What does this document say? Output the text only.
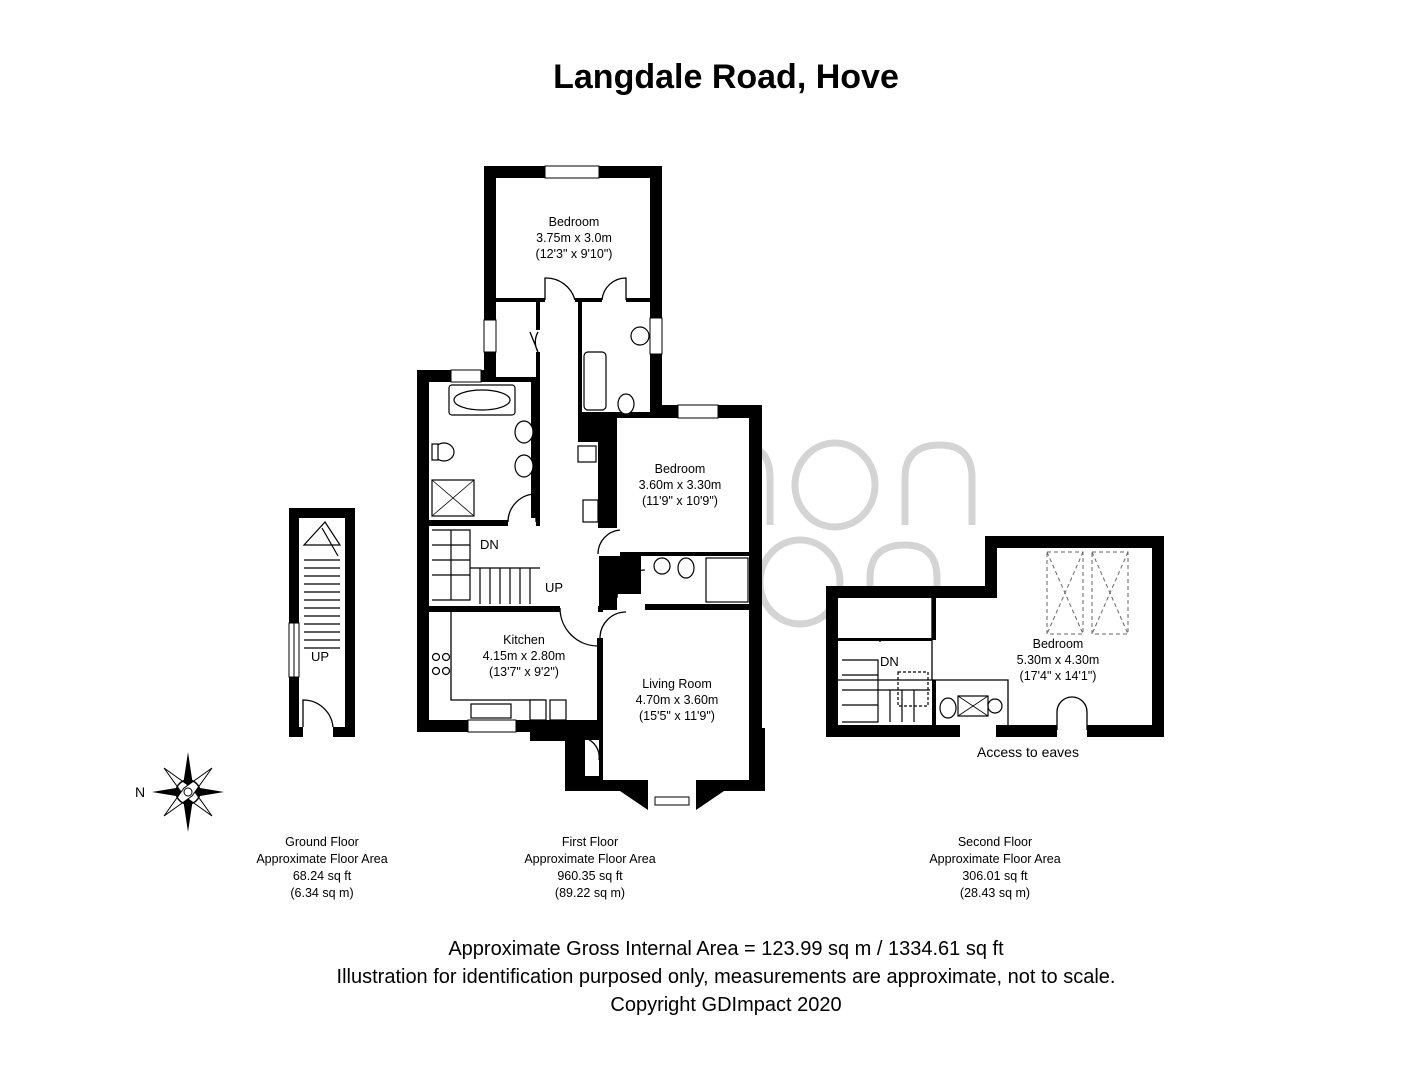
Langdale Road, Hove
UP
DN
UP
Bedroom
3.75m x 3.0m
(12'3" x 9'10")
Bedroom
3.60m x 3.30m
(11'9" x 10'9")
Kitchen
4.15m x 2.80m
(13'7" x 9'2")
Living Room
4.70m x 3.60m
(15'5" x 11'9")
DN
Bedroom
5.30m x 4.30m
(17'4" x 14'1")
Access to eaves
N
Ground Floor
Approximate Floor Area
68.24 sq ft
(6.34 sq m)
First Floor
Approximate Floor Area
960.35 sq ft
(89.22 sq m)
Second Floor
Approximate Floor Area
306.01 sq ft
(28.43 sq m)
Approximate Gross Internal Area = 123.99 sq m / 1334.61 sq ft
Illustration for identification purposed only, measurements are approximate, not to scale.
Copyright GDImpact 2020
